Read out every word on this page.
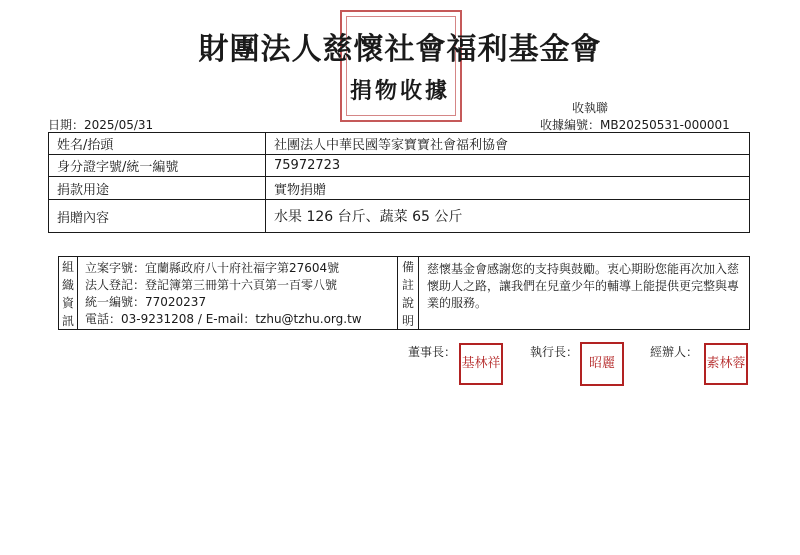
財團法人慈懷社會福利基金會
捐物收據
日期：2025/05/31
收執聯
收據編號：MB20250531-000001
姓名/抬頭	社團法人中華民國等家寶寶社會福利協會
身分證字號/統一編號	75972723
捐款用途	實物捐贈
捐贈內容	水果 126 台斤、蔬菜 65 公斤
組
織
資
訊
立案字號：宜蘭縣政府八十府社福字第27604號
法人登記：登記簿第三冊第十六頁第一百零八號
統一編號：77020237
電話：03-9231208 / E-mail：tzhu@tzhu.org.tw
備
註
說
明
慈懷基金會感謝您的支持與鼓勵。衷心期盼您能再次加入慈懷助人之路，讓我們在兒童少年的輔導上能提供更完整與專業的服務。
董事長：
基林祥
執行長：
昭麗
經辦人：
素林蓉
